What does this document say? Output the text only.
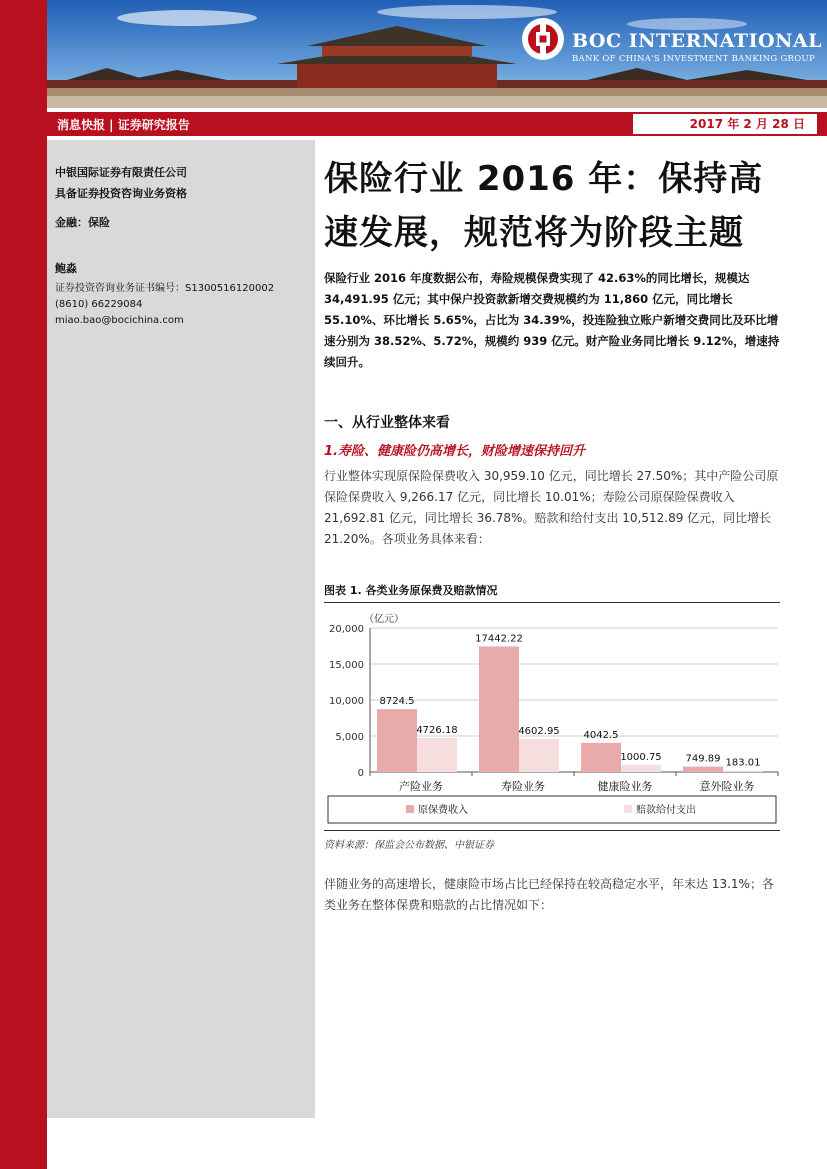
BOC INTERNATIONAL
BANK OF CHINA'S INVESTMENT BANKING GROUP
消息快报 | 证券研究报告	2017 年 2 月 28 日
中银国际证券有限责任公司
具备证券投资咨询业务资格
金融：保险
鲍淼
证券投资咨询业务证书编号：S1300516120002
(8610) 66229084
miao.bao@bocichina.com
保险行业 2016 年：保持高
速发展，规范将为阶段主题
保险行业 2016 年度数据公布，寿险规模保费实现了 42.63%的同比增长，规模达 34,491.95 亿元；其中保户投资款新增交费规模约为 11,860 亿元，同比增长 55.10%、环比增长 5.65%，占比为 34.39%，投连险独立账户新增交费同比及环比增速分别为 38.52%、5.72%，规模约 939 亿元。财产险业务同比增长 9.12%，增速持续回升。
一、从行业整体来看
1.寿险、健康险仍高增长，财险增速保持回升
行业整体实现原保险保费收入 30,959.10 亿元，同比增长 27.50%；其中产险公司原保险保费收入 9,266.17 亿元，同比增长 10.01%；寿险公司原保险保费收入 21,692.81 亿元，同比增长 36.78%。赔款和给付支出 10,512.89 亿元，同比增长 21.20%。各项业务具体来看：
图表 1. 各类业务原保费及赔款情况
（亿元）
8724.5
4726.18
17442.22
4602.95 4042.5
1000.75 749.89 183.01
产险业务	寿险业务	健康险业务	意外险业务
0
5,000
10,000
15,000
20,000
原保费收入	赔款给付支出
资料来源：保监会公布数据、中银证券
伴随业务的高速增长，健康险市场占比已经保持在较高稳定水平，年末达 13.1%；各类业务在整体保费和赔款的占比情况如下：
